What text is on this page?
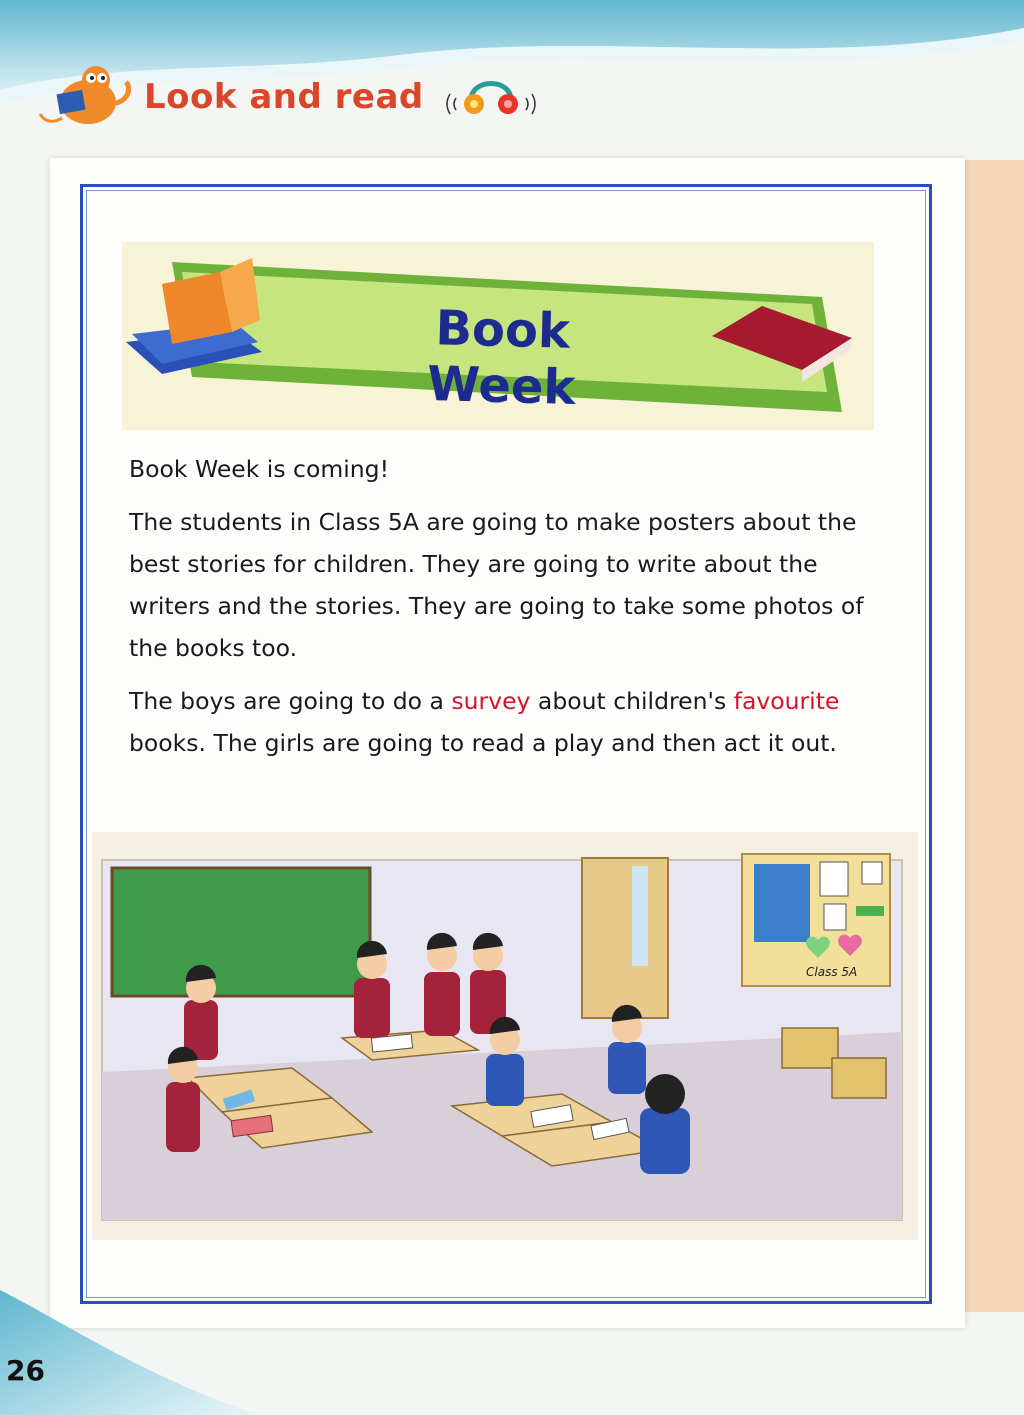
Look and read
Book Week

Book Week is coming!

The students in Class 5A are going to make posters about the best stories for children. They are going to write about the writers and the stories. They are going to take some photos of the books too.

The boys are going to do a survey about children's favourite books. The girls are going to read a play and then act it out.

Class 5A
26
